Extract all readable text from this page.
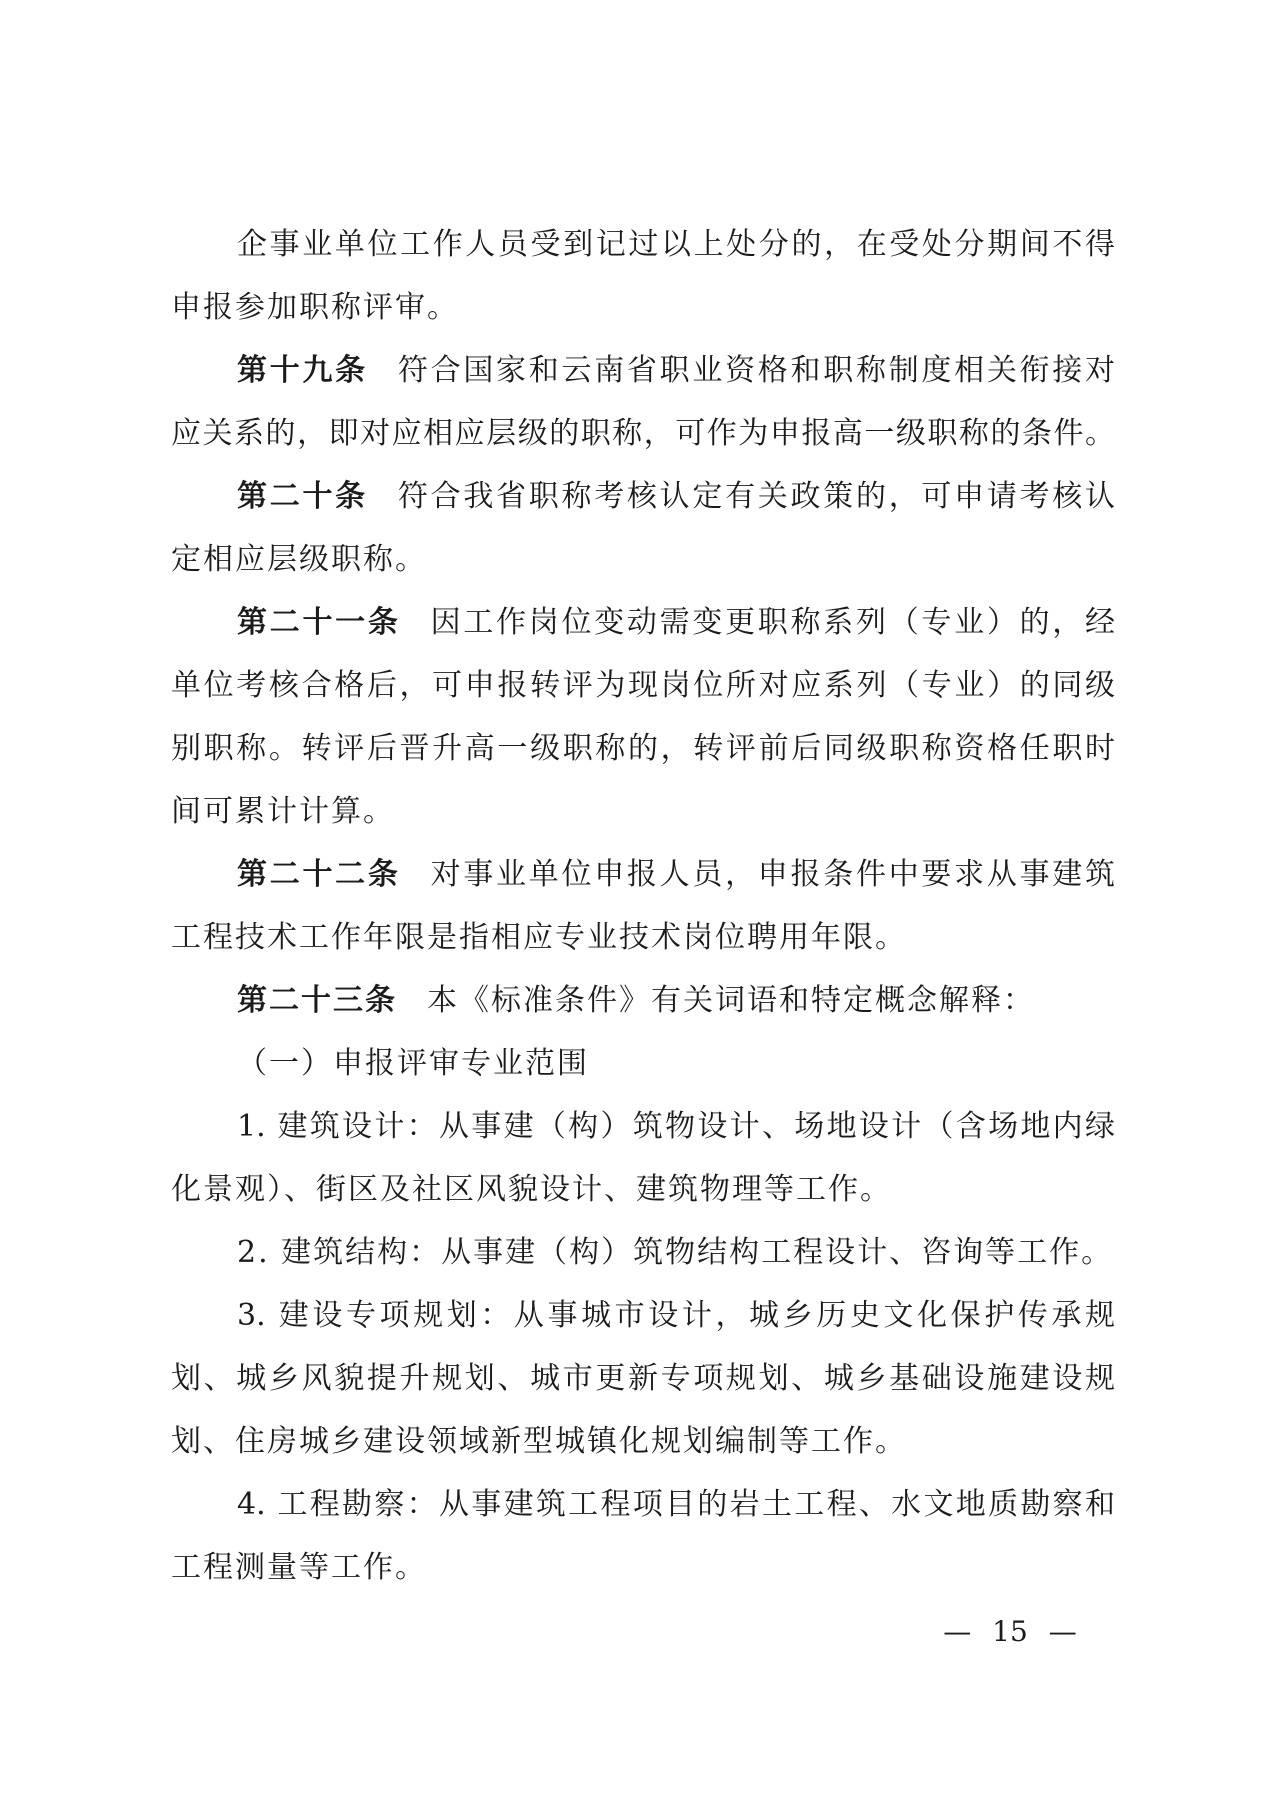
企事业单位工作人员受到记过以上处分的，在受处分期间不得
申报参加职称评审。
第十九条 符合国家和云南省职业资格和职称制度相关衔接对
应关系的，即对应相应层级的职称，可作为申报高一级职称的条件。
第二十条 符合我省职称考核认定有关政策的，可申请考核认
定相应层级职称。
第二十一条 因工作岗位变动需变更职称系列（专业）的，经
单位考核合格后，可申报转评为现岗位所对应系列（专业）的同级
别职称。转评后晋升高一级职称的，转评前后同级职称资格任职时
间可累计计算。
第二十二条 对事业单位申报人员，申报条件中要求从事建筑
工程技术工作年限是指相应专业技术岗位聘用年限。
第二十三条 本《标准条件》有关词语和特定概念解释：
（一）申报评审专业范围
1. 建筑设计：从事建（构）筑物设计、场地设计（含场地内绿
化景观）、街区及社区风貌设计、建筑物理等工作。
2. 建筑结构：从事建（构）筑物结构工程设计、咨询等工作。
3. 建设专项规划：从事城市设计，城乡历史文化保护传承规
划、城乡风貌提升规划、城市更新专项规划、城乡基础设施建设规
划、住房城乡建设领域新型城镇化规划编制等工作。
4. 工程勘察：从事建筑工程项目的岩土工程、水文地质勘察和
工程测量等工作。
— 15 —
